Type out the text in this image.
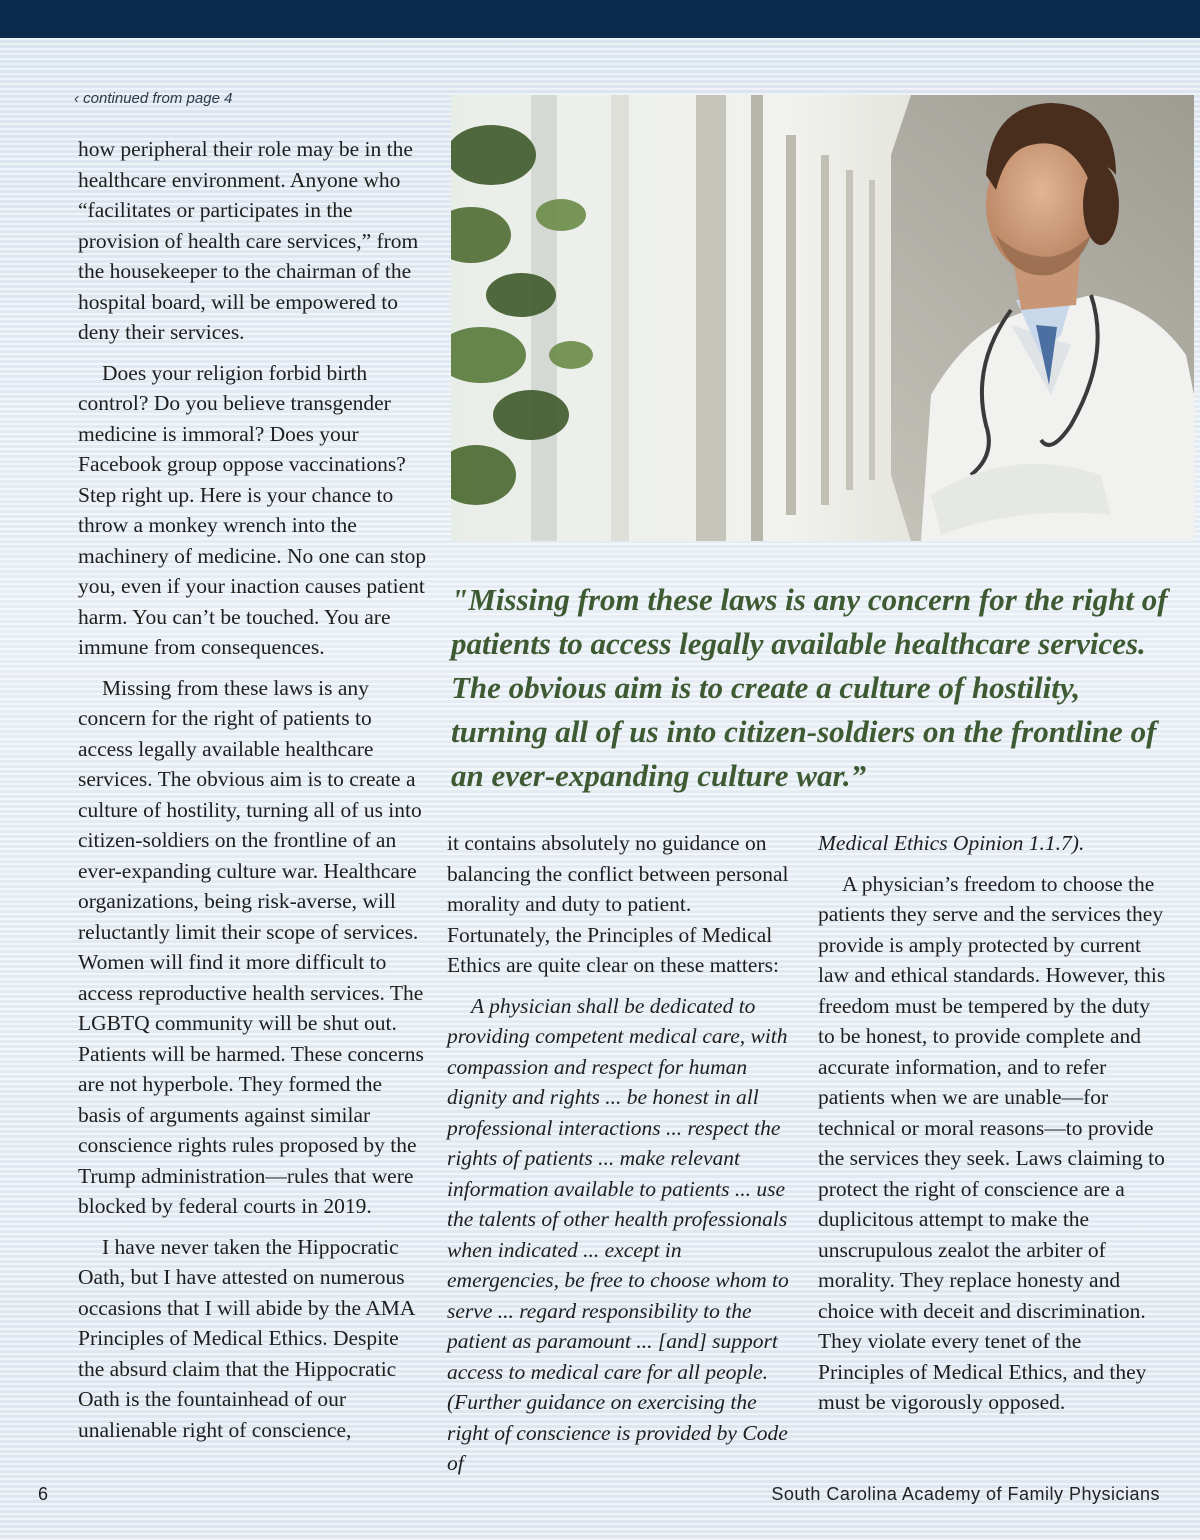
‹ continued from page 4

how peripheral their role may be in the healthcare environment. Anyone who “facilitates or participates in the provision of health care services,” from the housekeeper to the chairman of the hospital board, will be empowered to deny their services.

Does your religion forbid birth control? Do you believe transgender medicine is immoral? Does your Facebook group oppose vaccinations? Step right up. Here is your chance to throw a monkey wrench into the machinery of medicine. No one can stop you, even if your inaction causes patient harm. You can’t be touched. You are immune from consequences.

Missing from these laws is any concern for the right of patients to access legally available healthcare services. The obvious aim is to create a culture of hostility, turning all of us into citizen-soldiers on the frontline of an ever-expanding culture war. Healthcare organizations, being risk-averse, will reluctantly limit their scope of services. Women will find it more difficult to access reproductive health services. The LGBTQ community will be shut out. Patients will be harmed. These concerns are not hyperbole. They formed the basis of arguments against similar conscience rights rules proposed by the Trump administration—rules that were blocked by federal courts in 2019.

I have never taken the Hippocratic Oath, but I have attested on numerous occasions that I will abide by the AMA Principles of Medical Ethics. Despite the absurd claim that the Hippocratic Oath is the fountainhead of our unalienable right of conscience,

"Missing from these laws is any concern for the right of patients to access legally available healthcare services. The obvious aim is to create a culture of hostility, turning all of us into citizen-soldiers on the frontline of an ever-expanding culture war.”

it contains absolutely no guidance on balancing the conflict between personal morality and duty to patient. Fortunately, the Principles of Medical Ethics are quite clear on these matters:

A physician shall be dedicated to providing competent medical care, with compassion and respect for human dignity and rights ... be honest in all professional interactions ... respect the rights of patients ... make relevant information available to patients ... use the talents of other health professionals when indicated ... except in emergencies, be free to choose whom to serve ... regard responsibility to the patient as paramount ... [and] support access to medical care for all people. (Further guidance on exercising the right of conscience is provided by Code of

Medical Ethics Opinion 1.1.7).

A physician’s freedom to choose the patients they serve and the services they provide is amply protected by current law and ethical standards. However, this freedom must be tempered by the duty to be honest, to provide complete and accurate information, and to refer patients when we are unable—for technical or moral reasons—to provide the services they seek. Laws claiming to protect the right of conscience are a duplicitous attempt to make the unscrupulous zealot the arbiter of morality. They replace honesty and choice with deceit and discrimination. They violate every tenet of the Principles of Medical Ethics, and they must be vigorously opposed.

6	South Carolina Academy of Family Physicians
